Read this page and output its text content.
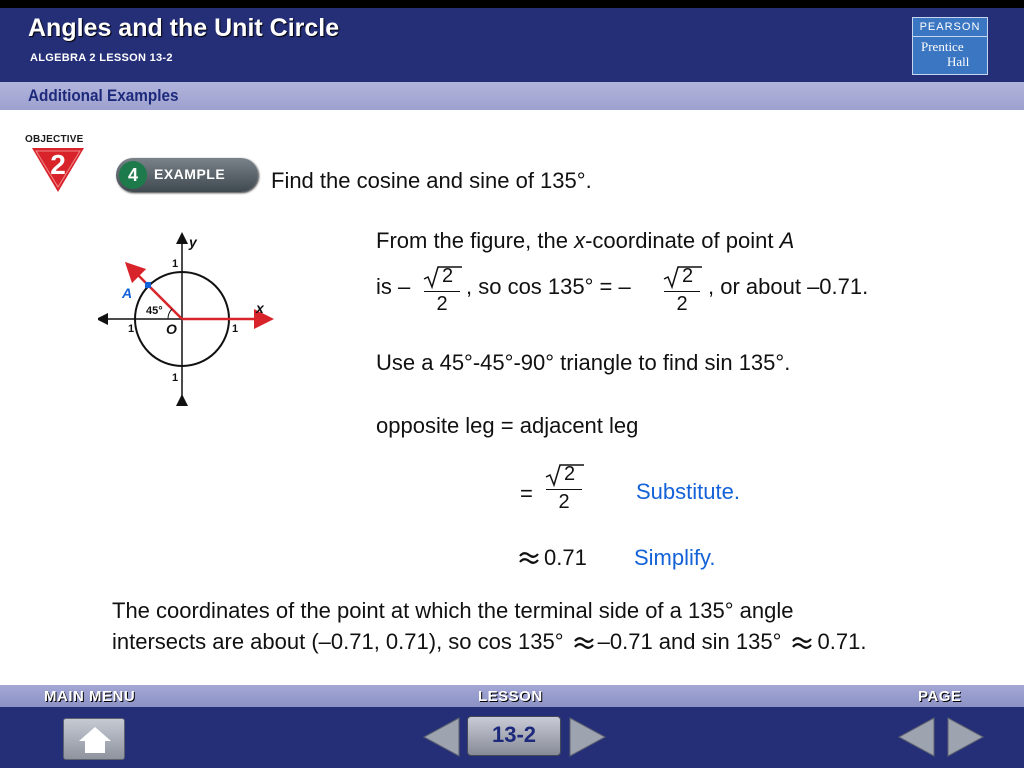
Angles and the Unit Circle
ALGEBRA 2 LESSON 13-2
PEARSON
Prentice
Hall
Additional Examples
OBJECTIVE
2	4	EXAMPLE Find the cosine and sine of 135°.
y
x
O
A
45°
1
1
1	1
From the figure, the x-coordinate of point A
is – 2
2
, so cos 135° = –	2
2
, or about –0.71.
Use a 45°-45°-90° triangle to find sin 135°.
opposite leg = adjacent leg
=
2
2	Substitute.
0.71 Simplify.
The coordinates of the point at which the terminal side of a 135° angle
intersects are about (–0.71, 0.71), so cos 135° –0.71 and sin 135° 0.71.
MAIN MENU	LESSON	PAGE
13-2
